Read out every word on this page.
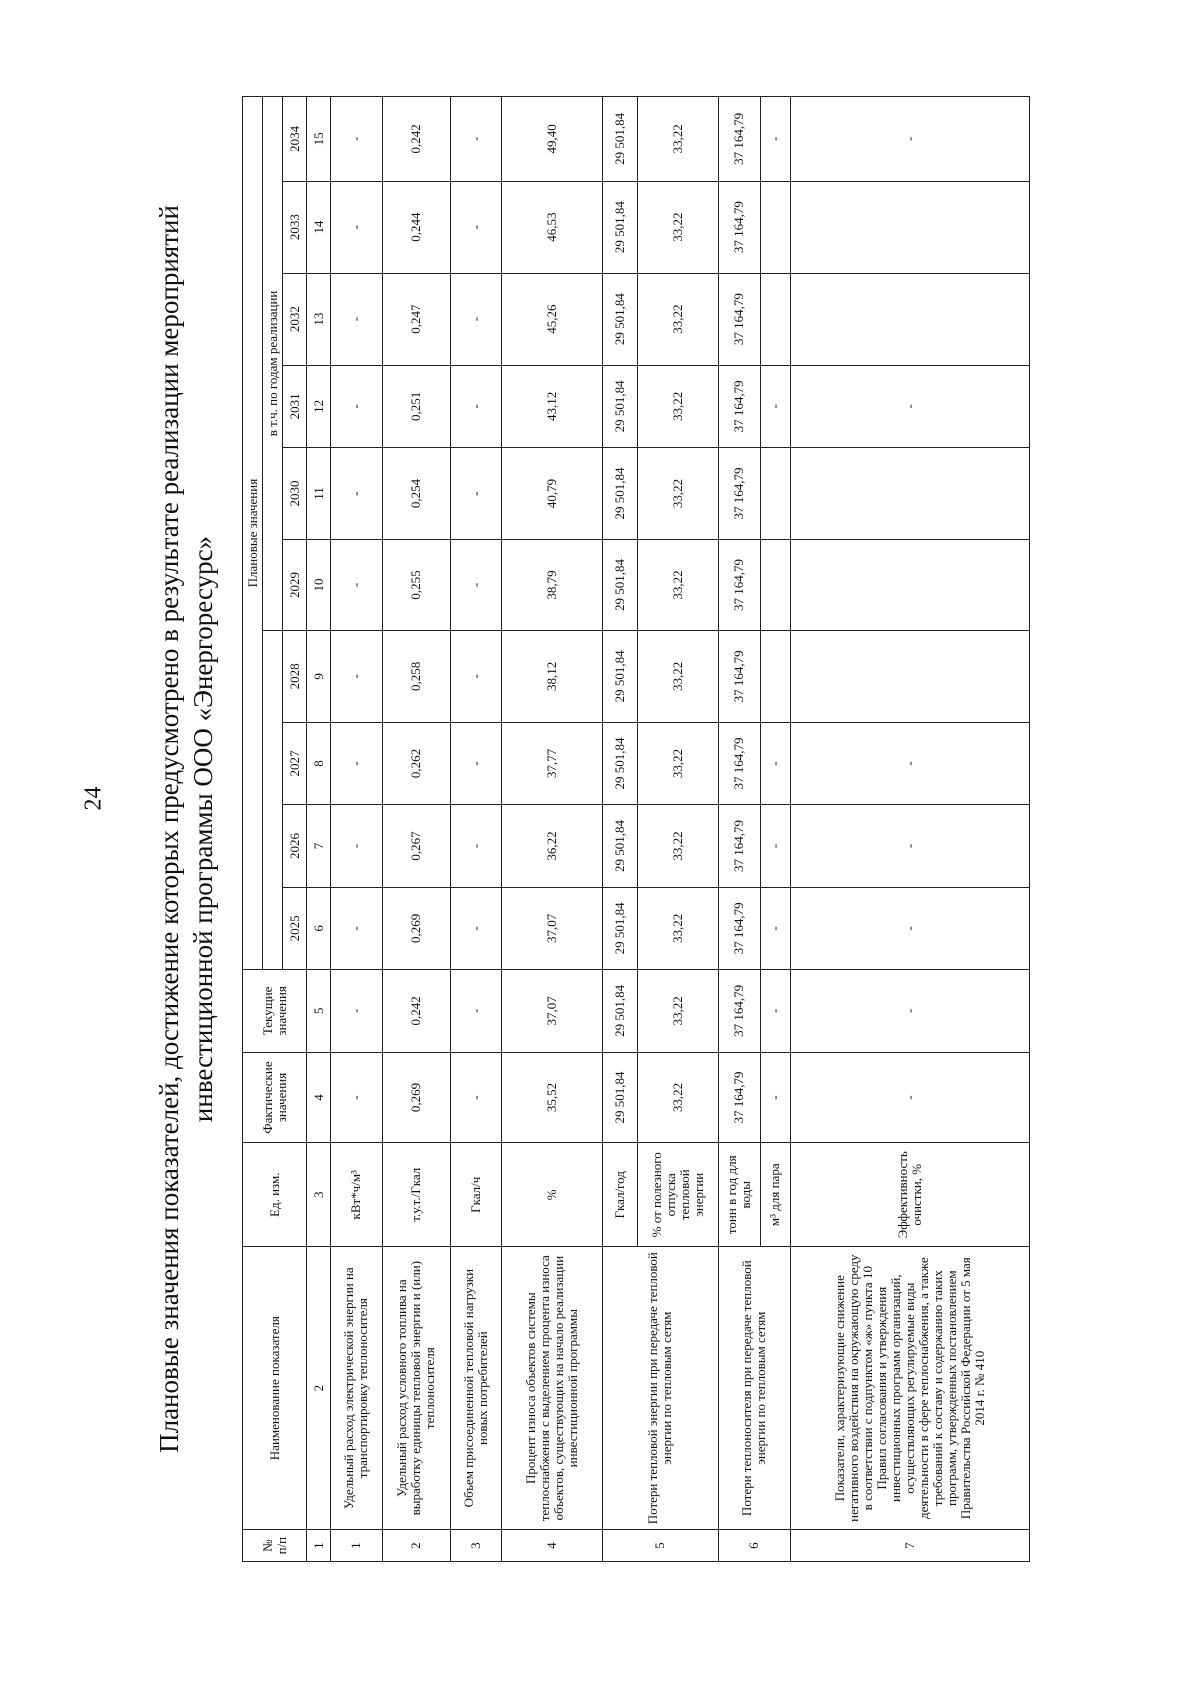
24 Плановые значения показателей, достижение которых предусмотрено в результате реализации мероприятий инвестиционной программы ООО «Энергоресурс»
№ п/п	Наименование показателя	Ед. изм.	Фактические значения	Текущие значения	Плановые значения									
									в т.ч. по годам реализации					
					2025	2026	2027	2028	2029	2030	2031	2032	2033	2034
1	2	3	4	5	6	7	8	9	10	11	12	13	14	15
1	Удельный расход электрической энергии на транспортировку теплоносителя	кВт*ч/м³	-	-	-	-	-	-	-	-	-	-	-	-
2	Удельный расход условного топлива на выработку единицы тепловой энергии и (или) теплоносителя	т.у.т./Гкал	0,269	0,242	0,269	0,267	0,262	0,258	0,255	0,254	0,251	0,247	0,244	0,242
3	Объем присоединенной тепловой нагрузки новых потребителей	Гкал/ч	-	-	-	-	-	-	-	-	-	-	-	-
4	Процент износа объектов системы теплоснабжения с выделением процента износа объектов, существующих на начало реализации инвестиционной программы	%	35,52	37,07	37,07	36,22	37,77	38,12	38,79	40,79	43,12	45,26	46,53	49,40
5	Потери тепловой энергии при передаче тепловой энергии по тепловым сетям	Гкал/год	29 501,84	29 501,84	29 501,84	29 501,84	29 501,84	29 501,84	29 501,84	29 501,84	29 501,84	29 501,84	29 501,84	29 501,84
		% от полезного отпуска тепловой энергии	33,22	33,22	33,22	33,22	33,22	33,22	33,22	33,22	33,22	33,22	33,22	33,22
6	Потери теплоносителя при передаче тепловой энергии по тепловым сетям	тонн в год для воды	37 164,79	37 164,79	37 164,79	37 164,79	37 164,79	37 164,79	37 164,79	37 164,79	37 164,79	37 164,79	37 164,79	37 164,79
		м³ для пара	-	-	-	-	-				-			-
7	Показатели, характеризующие снижение негативного воздействия на окружающую среду в соответствии с подпунктом «ж» пункта 10 Правил согласования и утверждения инвестиционных программ организаций, осуществляющих регулируемые виды деятельности в сфере теплоснабжения, а также требований к составу и содержанию таких программ, утвержденных постановлением Правительства Российской Федерации от 5 мая 2014 г. № 410	Эффективность очистки, %	-	-	-	-	-				-			-
